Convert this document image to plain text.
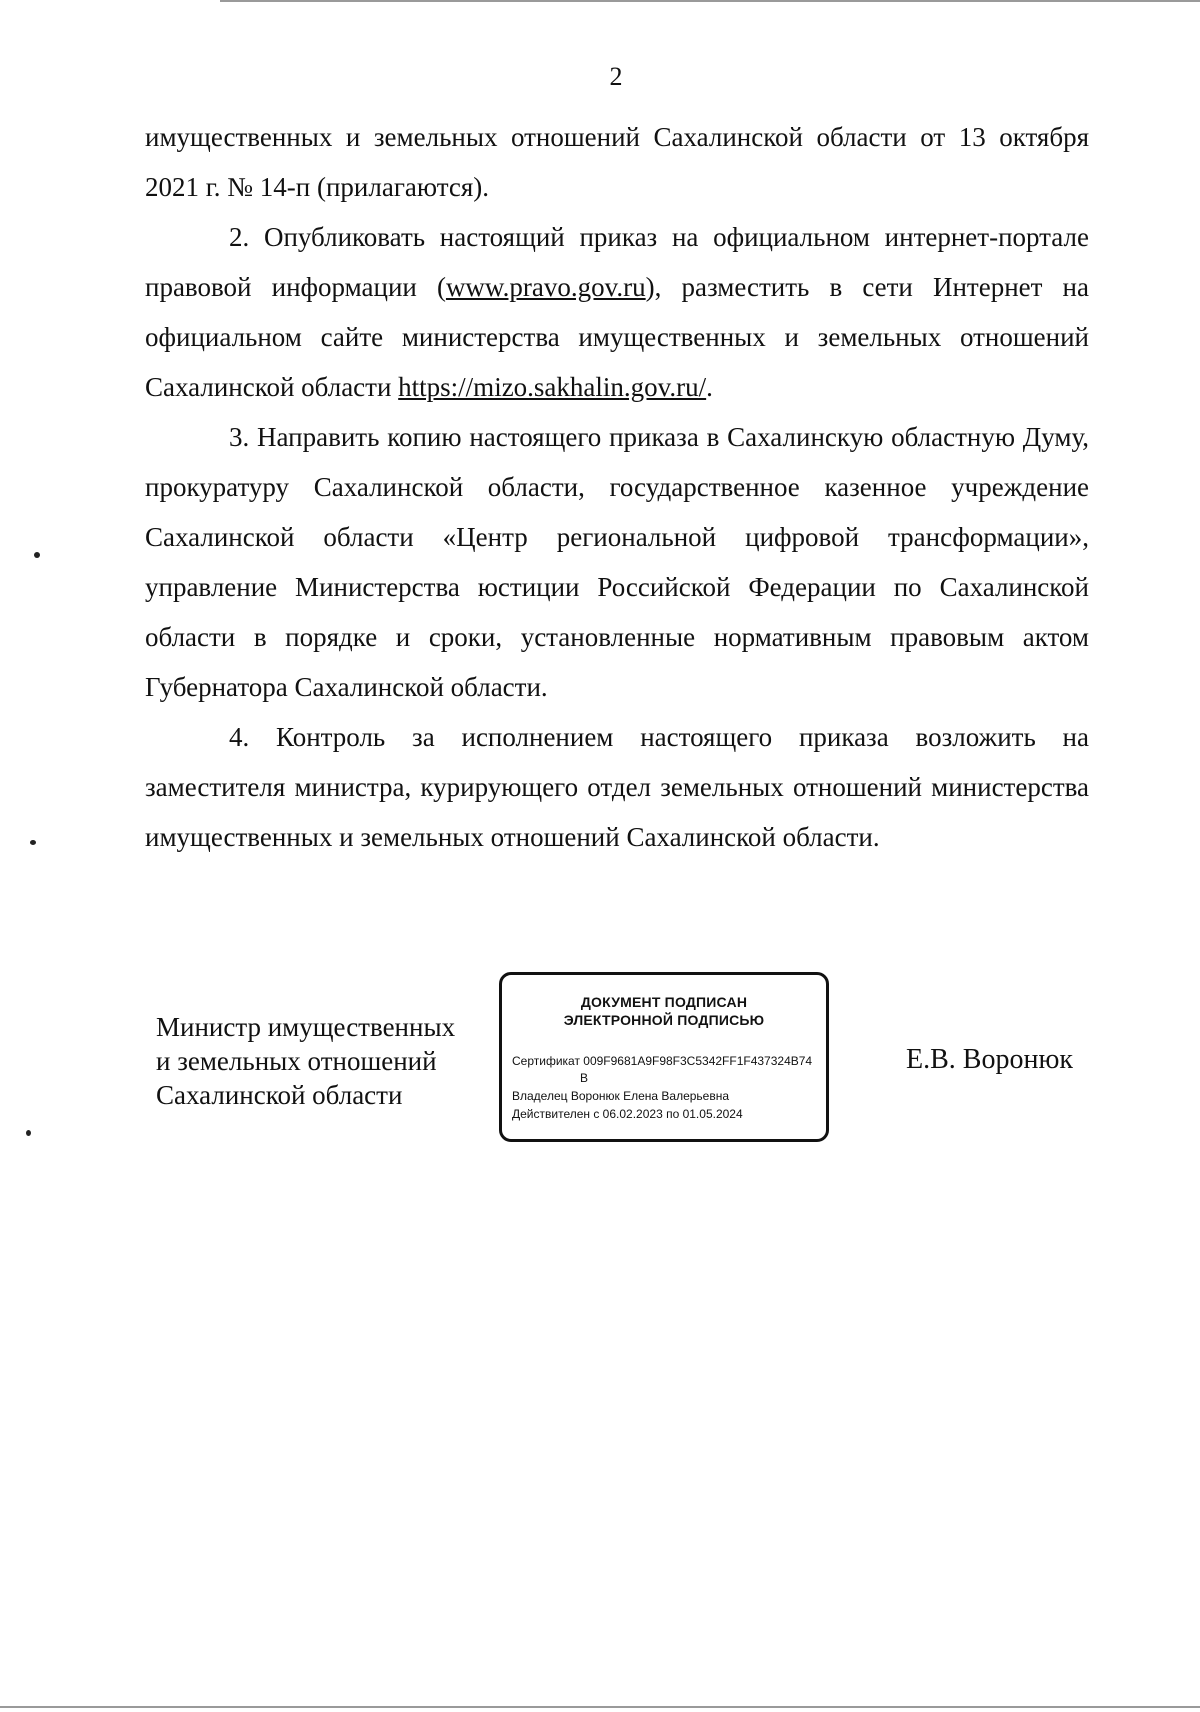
2

имущественных и земельных отношений Сахалинской области от 13 октября 2021 г. № 14-п (прилагаются).

2. Опубликовать настоящий приказ на официальном интернет-портале правовой информации (www.pravo.gov.ru), разместить в сети Интернет на официальном сайте министерства имущественных и земельных отношений Сахалинской области https://mizo.sakhalin.gov.ru/.

3. Направить копию настоящего приказа в Сахалинскую областную Думу, прокуратуру Сахалинской области, государственное казенное учреждение Сахалинской области «Центр региональной цифровой трансформации», управление Министерства юстиции Российской Федерации по Сахалинской области в порядке и сроки, установленные нормативным правовым актом Губернатора Сахалинской области.

4. Контроль за исполнением настоящего приказа возложить на заместителя министра, курирующего отдел земельных отношений министерства имущественных и земельных отношений Сахалинской области.

Министр имущественных
и земельных отношений
Сахалинской области
ДОКУМЕНТ ПОДПИСАН
ЭЛЕКТРОННОЙ ПОДПИСЬЮ
Сертификат 009F9681A9F98F3C5342FF1F437324B74
B
Владелец Воронюк Елена Валерьевна
Действителен с 06.02.2023 по 01.05.2024
Е.В. Воронюк
